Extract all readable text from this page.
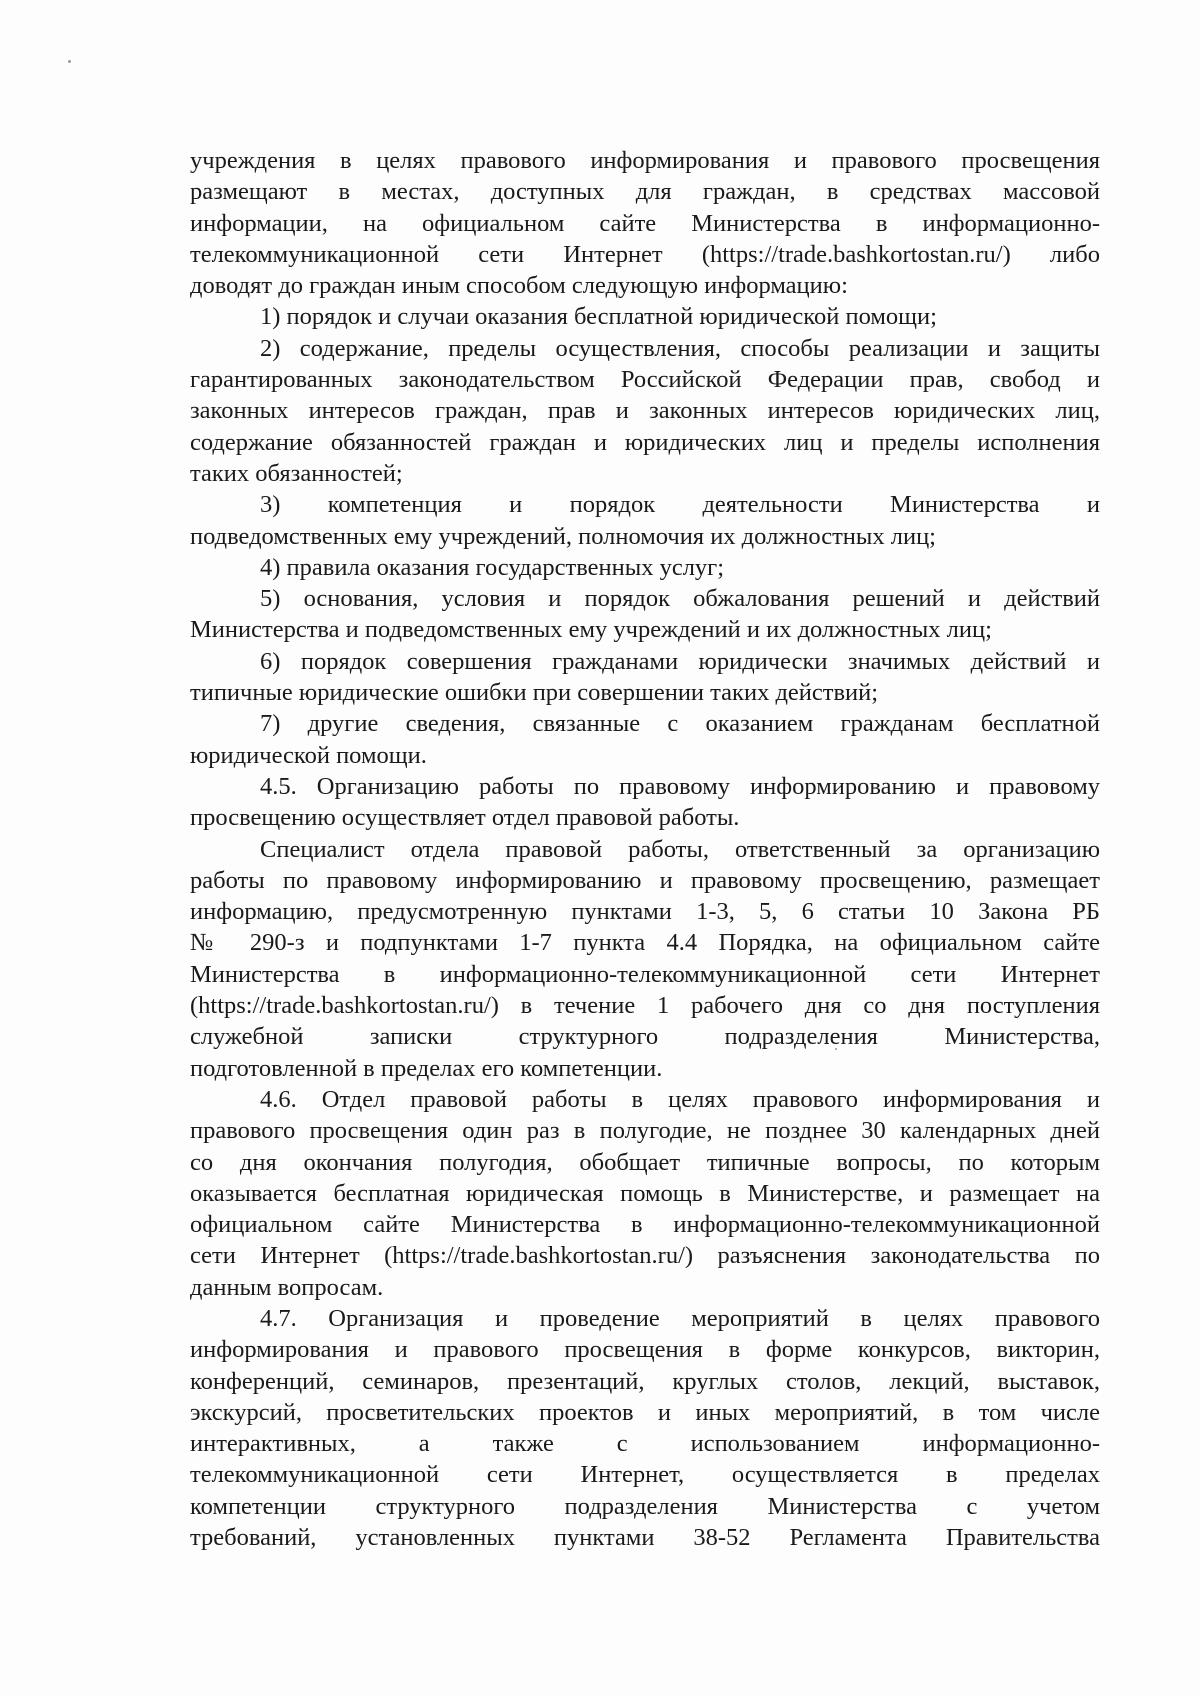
учреждения в целях правового информирования и правового просвещения
размещают в местах, доступных для граждан, в средствах массовой
информации, на официальном сайте Министерства в информационно-
телекоммуникационной сети Интернет (https://trade.bashkortostan.ru/) либо
доводят до граждан иным способом следующую информацию:

1) порядок и случаи оказания бесплатной юридической помощи;

2) содержание, пределы осуществления, способы реализации и защиты
гарантированных законодательством Российской Федерации прав, свобод и
законных интересов граждан, прав и законных интересов юридических лиц,
содержание обязанностей граждан и юридических лиц и пределы исполнения
таких обязанностей;

3) компетенция и порядок деятельности Министерства и
подведомственных ему учреждений, полномочия их должностных лиц;

4) правила оказания государственных услуг;

5) основания, условия и порядок обжалования решений и действий
Министерства и подведомственных ему учреждений и их должностных лиц;

6) порядок совершения гражданами юридически значимых действий и
типичные юридические ошибки при совершении таких действий;

7) другие сведения, связанные с оказанием гражданам бесплатной
юридической помощи.

4.5. Организацию работы по правовому информированию и правовому
просвещению осуществляет отдел правовой работы.

Специалист отдела правовой работы, ответственный за организацию
работы по правовому информированию и правовому просвещению, размещает
информацию, предусмотренную пунктами 1-3, 5, 6 статьи 10 Закона РБ
№ 290-з и подпунктами 1-7 пункта 4.4 Порядка, на официальном сайте
Министерства в информационно-телекоммуникационной сети Интернет
(https://trade.bashkortostan.ru/) в течение 1 рабочего дня со дня поступления
служебной записки структурного подразделения Министерства,
подготовленной в пределах его компетенции.

4.6. Отдел правовой работы в целях правового информирования и
правового просвещения один раз в полугодие, не позднее 30 календарных дней
со дня окончания полугодия, обобщает типичные вопросы, по которым
оказывается бесплатная юридическая помощь в Министерстве, и размещает на
официальном сайте Министерства в информационно-телекоммуникационной
сети Интернет (https://trade.bashkortostan.ru/) разъяснения законодательства по
данным вопросам.

4.7. Организация и проведение мероприятий в целях правового
информирования и правового просвещения в форме конкурсов, викторин,
конференций, семинаров, презентаций, круглых столов, лекций, выставок,
экскурсий, просветительских проектов и иных мероприятий, в том числе
интерактивных, а также с использованием информационно-
телекоммуникационной сети Интернет, осуществляется в пределах
компетенции структурного подразделения Министерства с учетом
требований, установленных пунктами 38-52 Регламента Правительства
